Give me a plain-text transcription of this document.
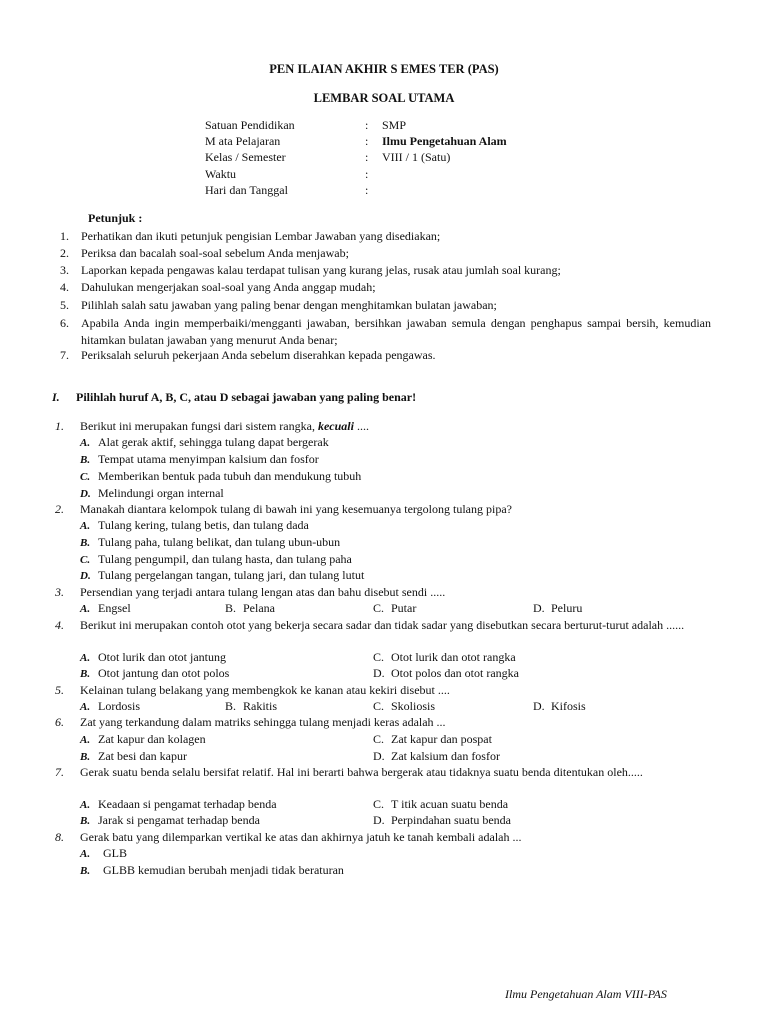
PEN ILAIAN AKHIR S EMES TER (PAS)
LEMBAR SOAL UTAMA
Satuan Pendidikan	: SMP
M ata Pelajaran	: Ilmu Pengetahuan Alam
Kelas / Semester	: VIII / 1 (Satu)
Waktu	:
Hari dan Tanggal	:
Petunjuk :
1.	Perhatikan dan ikuti petunjuk pengisian Lembar Jawaban yang disediakan;
2.	Periksa dan bacalah soal-soal sebelum Anda menjawab;
3.	Laporkan kepada pengawas kalau terdapat tulisan yang kurang jelas, rusak atau jumlah soal kurang;
4.	Dahulukan mengerjakan soal-soal yang Anda anggap mudah;
5.	Pilihlah salah satu jawaban yang paling benar dengan menghitamkan bulatan jawaban;
6.	Apabila Anda ingin memperbaiki/mengganti jawaban, bersihkan jawaban semula dengan penghapus sampai bersih, kemudian hitamkan bulatan jawaban yang menurut Anda benar;
7.	Periksalah seluruh pekerjaan Anda sebelum diserahkan kepada pengawas.
I. Pilihlah huruf A, B, C, atau D sebagai jawaban yang paling benar!
1. Berikut ini merupakan fungsi dari sistem rangka, kecuali ....
A. Alat gerak aktif, sehingga tulang dapat bergerak
B. Tempat utama menyimpan kalsium dan fosfor
C. Memberikan bentuk pada tubuh dan mendukung tubuh
D. Melindungi organ internal
2. Manakah diantara kelompok tulang di bawah ini yang kesemuanya tergolong tulang pipa?
A. Tulang kering, tulang betis, dan tulang dada
B. Tulang paha, tulang belikat, dan tulang ubun-ubun
C. Tulang pengumpil, dan tulang hasta, dan tulang paha
D. Tulang pergelangan tangan, tulang jari, dan tulang lutut
3. Persendian yang terjadi antara tulang lengan atas dan bahu disebut sendi .....
A. Engsel	B. Pelana	C. Putar	D. Peluru
4. Berikut ini merupakan contoh otot yang bekerja secara sadar dan tidak sadar yang disebutkan secara berturut-turut adalah ......
A. Otot lurik dan otot jantung
B. Otot jantung dan otot polos
C. Otot lurik dan otot rangka
D. Otot polos dan otot rangka
5. Kelainan tulang belakang yang membengkok ke kanan atau kekiri disebut ....
A. Lordosis	B. Rakitis	C. Skoliosis	D. Kifosis
6. Zat yang terkandung dalam matriks sehingga tulang menjadi keras adalah ...
A. Zat kapur dan kolagen
B. Zat besi dan kapur
C. Zat kapur dan pospat
D. Zat kalsium dan fosfor
7. Gerak suatu benda selalu bersifat relatif. Hal ini berarti bahwa bergerak atau tidaknya suatu benda ditentukan oleh.....
A. Keadaan si pengamat terhadap benda
B. Jarak si pengamat terhadap benda
C. T itik acuan suatu benda
D. Perpindahan suatu benda
8. Gerak batu yang dilemparkan vertikal ke atas dan akhirnya jatuh ke tanah kembali adalah ...
A. GLB
B. GLBB kemudian berubah menjadi tidak beraturan
Ilmu Pengetahuan Alam VIII-PAS
